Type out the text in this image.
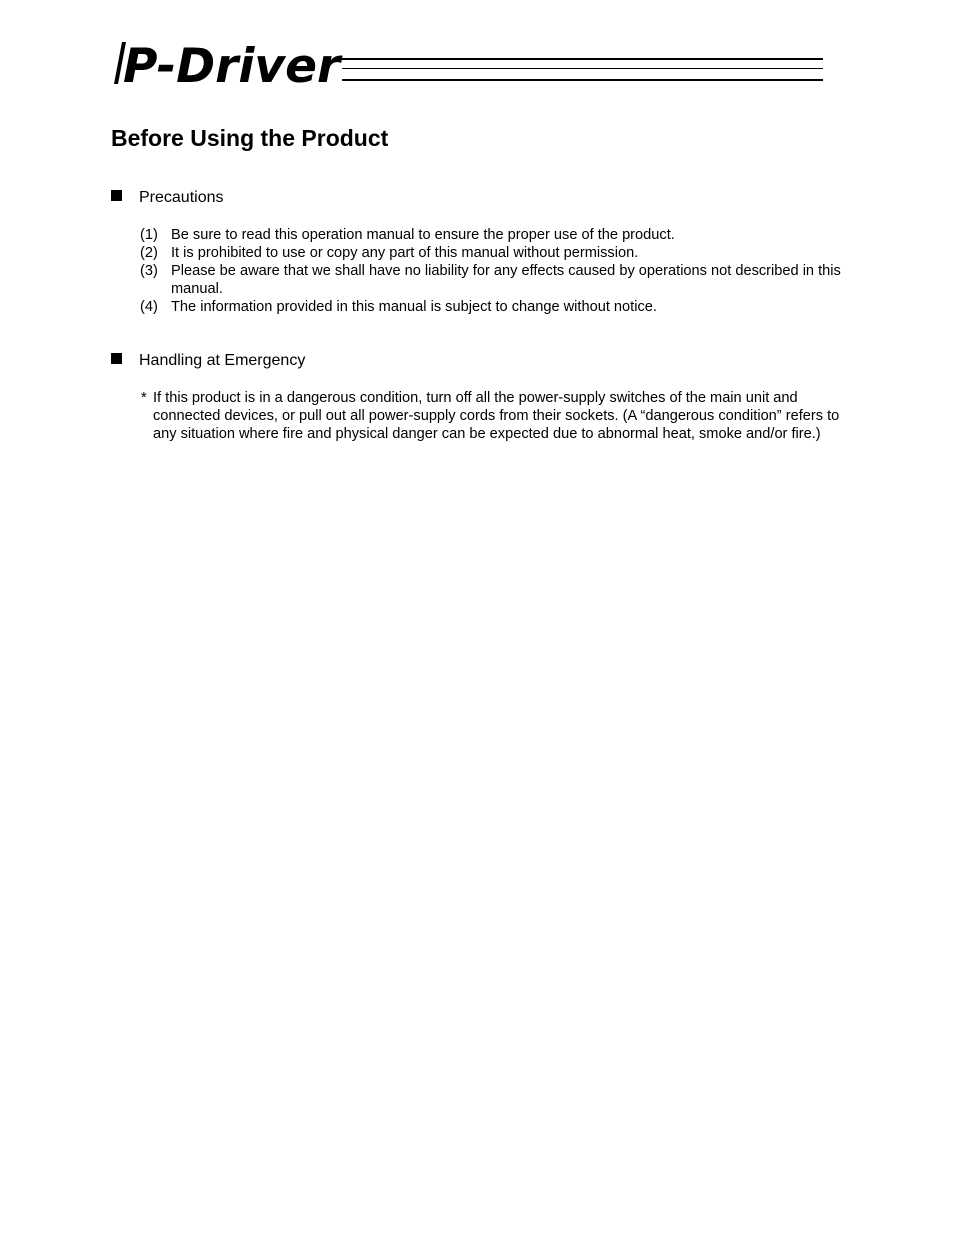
P-Driver
Before Using the Product
Precautions
(1) Be sure to read this operation manual to ensure the proper use of the product.
(2) It is prohibited to use or copy any part of this manual without permission.
(3) Please be aware that we shall have no liability for any effects caused by operations not described in this manual.
(4) The information provided in this manual is subject to change without notice.
Handling at Emergency
* If this product is in a dangerous condition, turn off all the power-supply switches of the main unit and connected devices, or pull out all power-supply cords from their sockets. (A “dangerous condition” refers to any situation where fire and physical danger can be expected due to abnormal heat, smoke and/or fire.)
